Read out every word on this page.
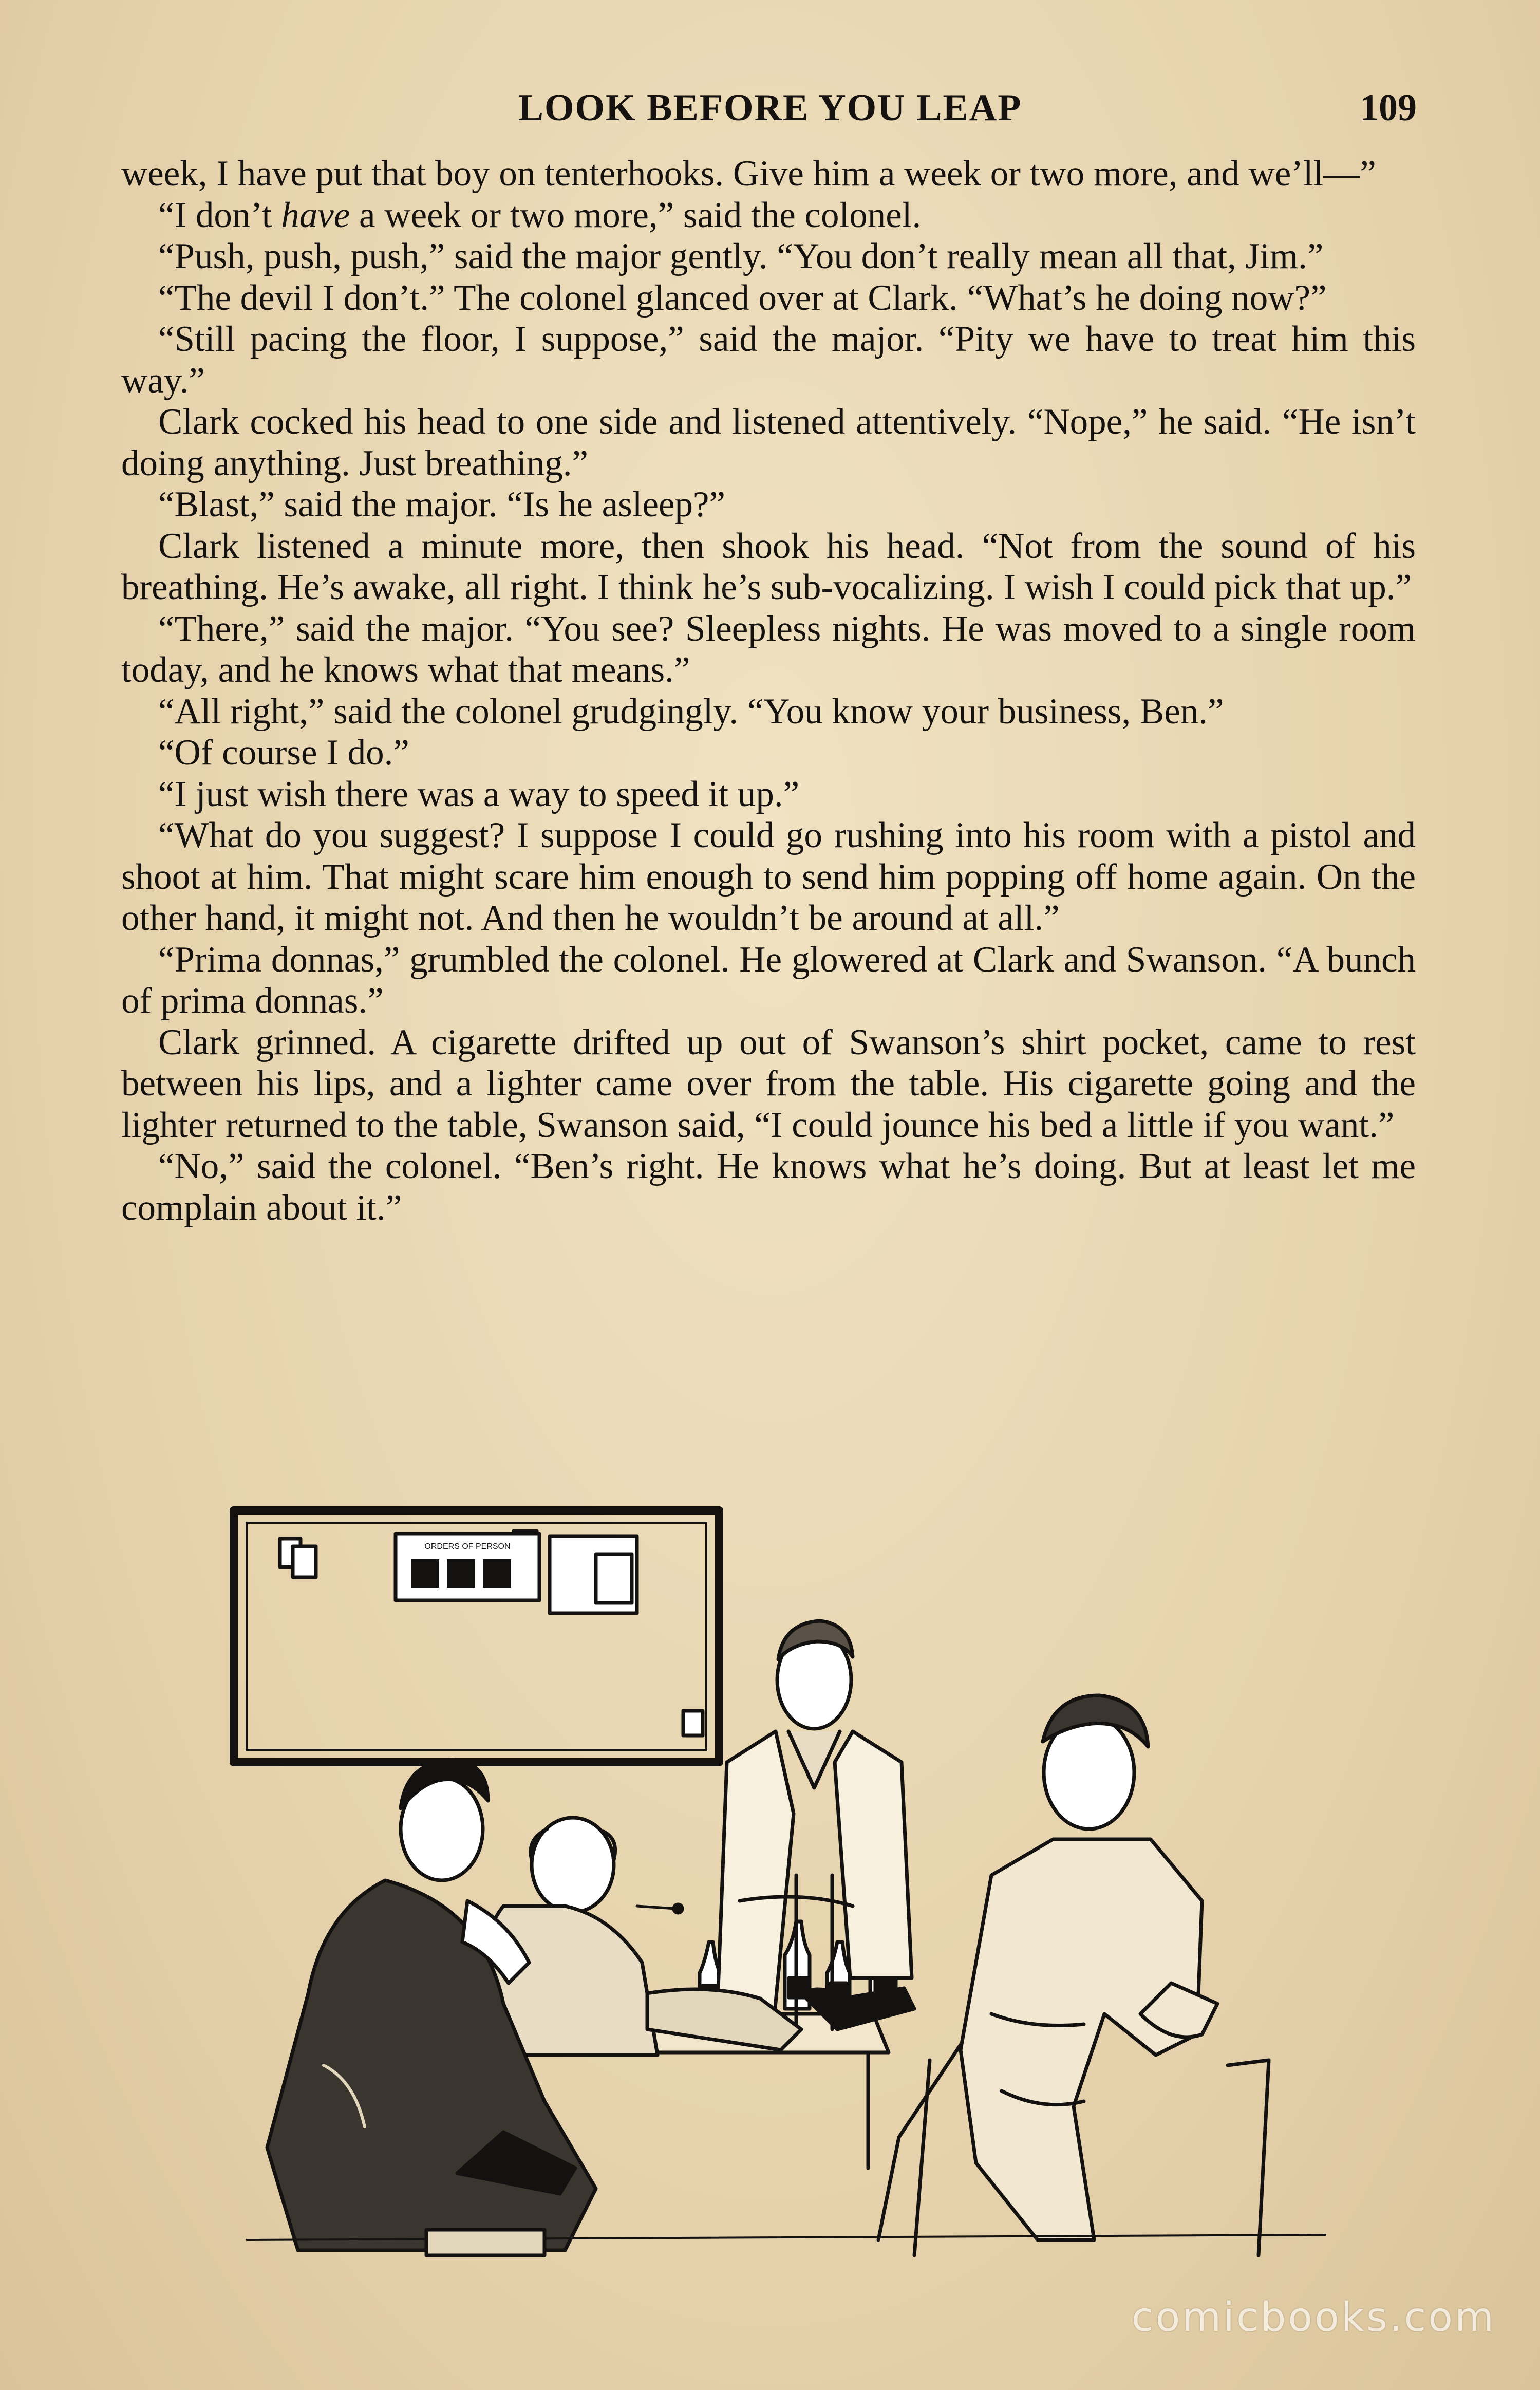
LOOK BEFORE YOU LEAP	109

week, I have put that boy on tenterhooks. Give him a week or two more, and we’ll—”

“I don’t have a week or two more,” said the colonel.

“Push, push, push,” said the major gently. “You don’t really mean all that, Jim.”

“The devil I don’t.” The colonel glanced over at Clark. “What’s he doing now?”

“Still pacing the floor, I suppose,” said the major. “Pity we have to treat him this way.”

Clark cocked his head to one side and listened attentively. “Nope,” he said. “He isn’t doing anything. Just breathing.”

“Blast,” said the major. “Is he asleep?”

Clark listened a minute more, then shook his head. “Not from the sound of his breathing. He’s awake, all right. I think he’s sub-vocalizing. I wish I could pick that up.”

“There,” said the major. “You see? Sleepless nights. He was moved to a single room today, and he knows what that means.”

“All right,” said the colonel grudgingly. “You know your business, Ben.”

“Of course I do.”

“I just wish there was a way to speed it up.”

“What do you suggest? I suppose I could go rushing into his room with a pistol and shoot at him. That might scare him enough to send him popping off home again. On the other hand, it might not. And then he wouldn’t be around at all.”

“Prima donnas,” grumbled the colonel. He glowered at Clark and Swanson. “A bunch of prima donnas.”

Clark grinned. A cigarette drifted up out of Swanson’s shirt pocket, came to rest between his lips, and a lighter came over from the table. His cigarette going and the lighter returned to the table, Swanson said, “I could jounce his bed a little if you want.”

“No,” said the colonel. “Ben’s right. He knows what he’s doing. But at least let me complain about it.”

ORDERS OF PERSON
comicbooks.com
